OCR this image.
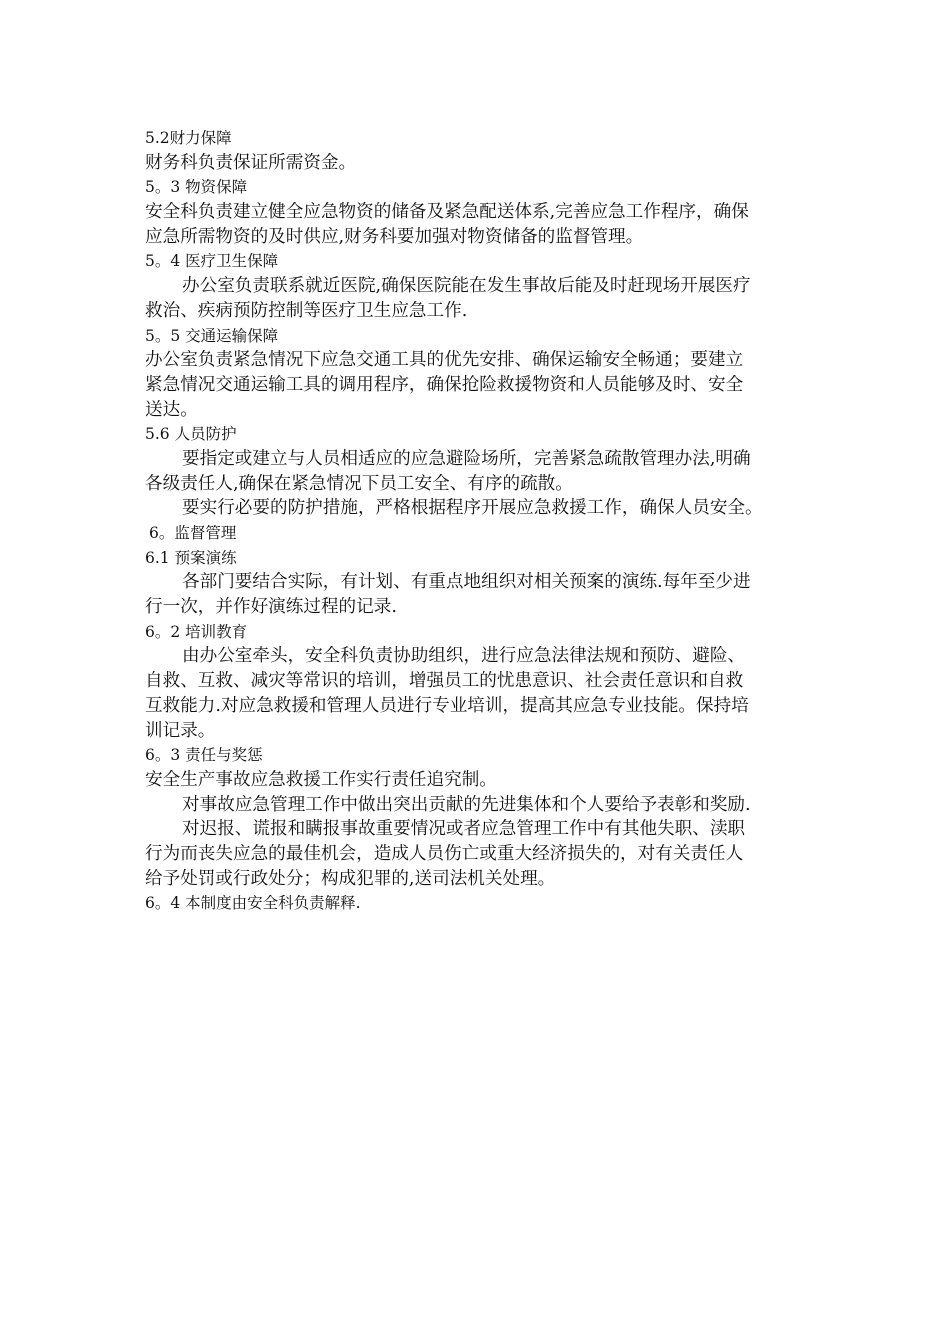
5.2财力保障
财务科负责保证所需资金。
5。3 物资保障
安全科负责建立健全应急物资的储备及紧急配送体系,完善应急工作程序，确保
应急所需物资的及时供应,财务科要加强对物资储备的监督管理。
5。4 医疗卫生保障
办公室负责联系就近医院,确保医院能在发生事故后能及时赶现场开展医疗
救治、疾病预防控制等医疗卫生应急工作.
5。5 交通运输保障
办公室负责紧急情况下应急交通工具的优先安排、确保运输安全畅通；要建立
紧急情况交通运输工具的调用程序，确保抢险救援物资和人员能够及时、安全
送达。
5.6 人员防护
要指定或建立与人员相适应的应急避险场所，完善紧急疏散管理办法,明确
各级责任人,确保在紧急情况下员工安全、有序的疏散。
要实行必要的防护措施，严格根据程序开展应急救援工作，确保人员安全。
6。监督管理
6.1 预案演练
各部门要结合实际，有计划、有重点地组织对相关预案的演练.每年至少进
行一次，并作好演练过程的记录.
6。2 培训教育
由办公室牵头，安全科负责协助组织，进行应急法律法规和预防、避险、
自救、互救、减灾等常识的培训，增强员工的忧患意识、社会责任意识和自救
互救能力.对应急救援和管理人员进行专业培训，提高其应急专业技能。保持培
训记录。
6。3 责任与奖惩
安全生产事故应急救援工作实行责任追究制。
对事故应急管理工作中做出突出贡献的先进集体和个人要给予表彰和奖励.
对迟报、谎报和瞒报事故重要情况或者应急管理工作中有其他失职、渎职
行为而丧失应急的最佳机会，造成人员伤亡或重大经济损失的，对有关责任人
给予处罚或行政处分；构成犯罪的,送司法机关处理。
6。4 本制度由安全科负责解释.
